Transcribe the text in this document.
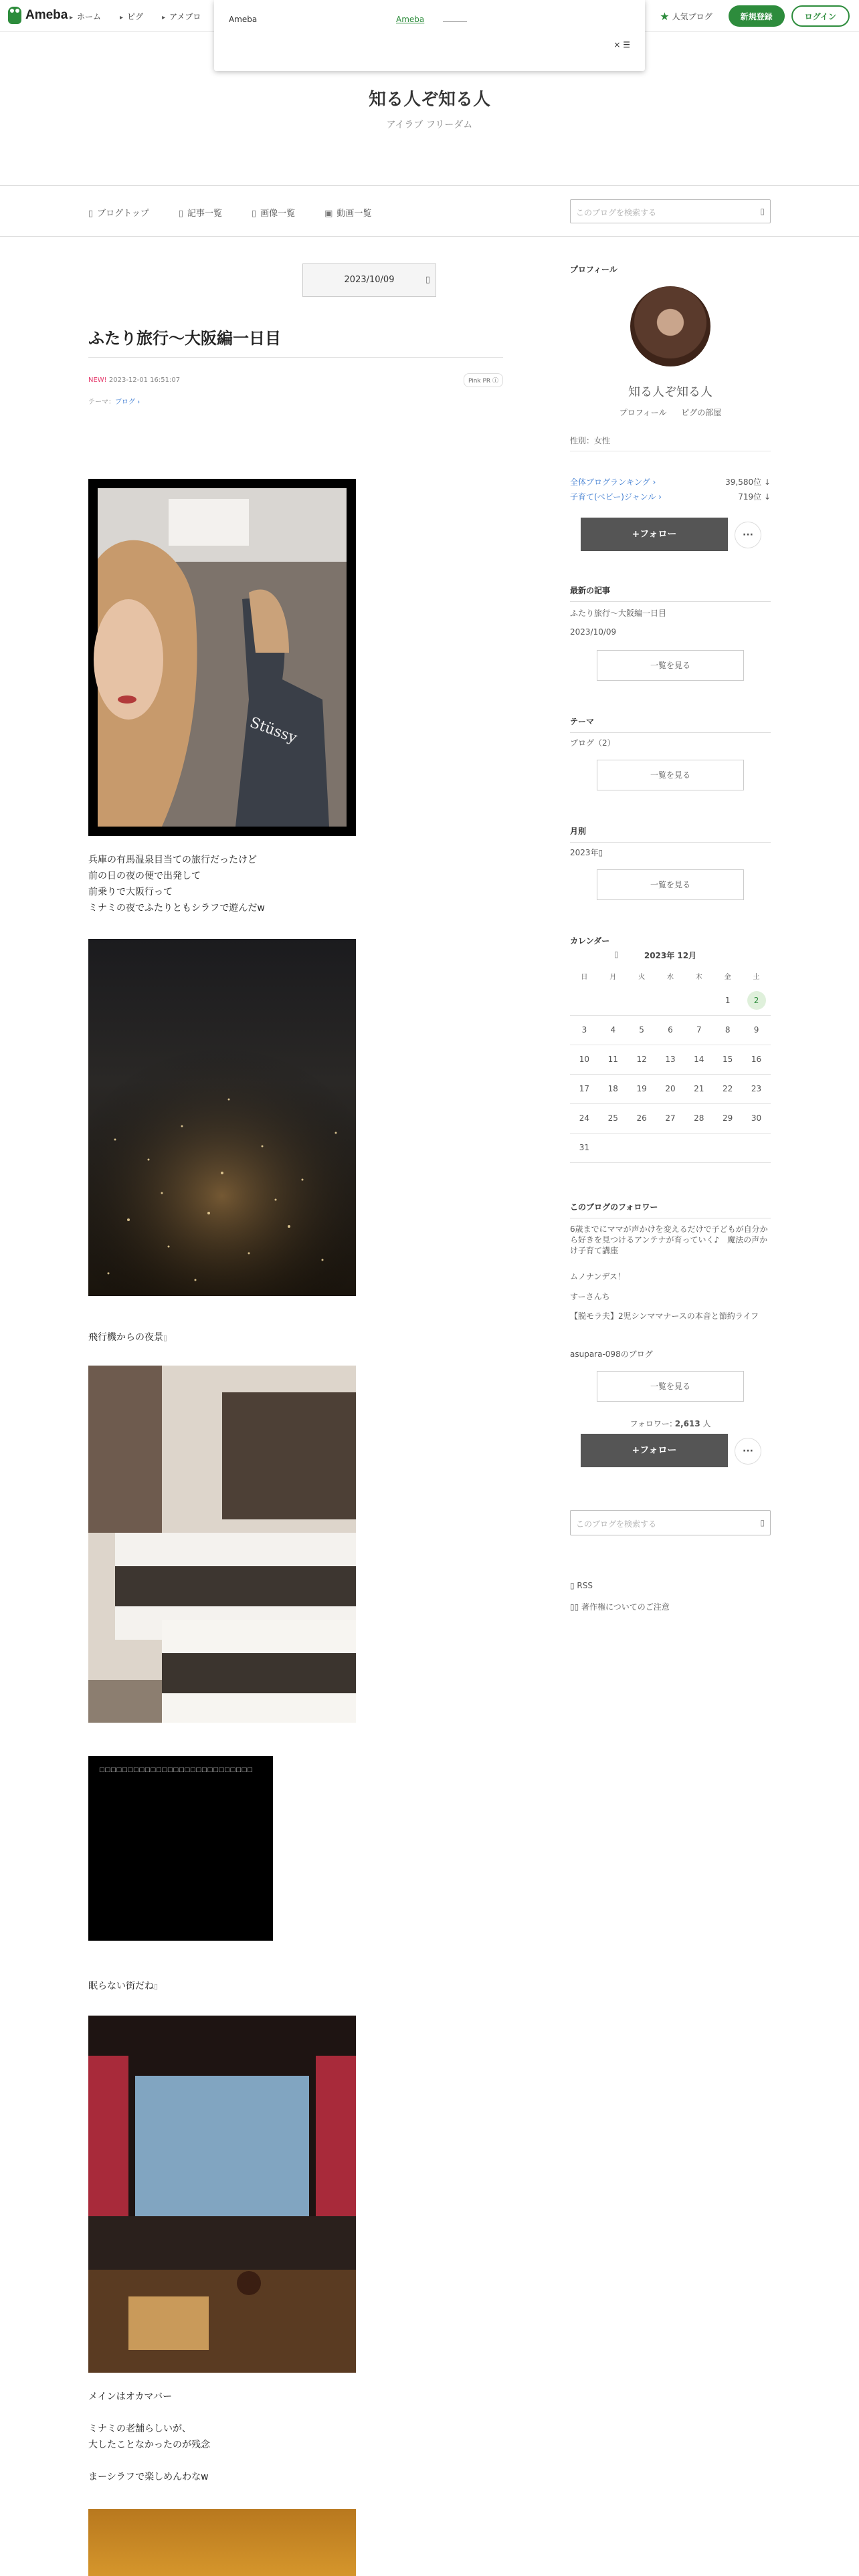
Ameba	▸ ホーム	▸ ピグ	▸ アメブロ	★ 人気ブログ	新規登録	ログイン
Ameba	Ameba
× ☰
知る人ぞ知る人

アイラブ フリーダム

▯ ブログトップ	▯ 記事一覧	▯ 画像一覧	▣ 動画一覧	このブログを検索する	▯
2023/10/09	▯
ふたり旅行〜大阪編一日目
NEW! 2023-12-01 16:51:07	Pink PR ⓘ
テーマ：ブログ ›
Stüssy
兵庫の有馬温泉目当ての旅行だったけど
前の日の夜の便で出発して
前乗りで大阪行って
ミナミの夜でふたりともシラフで遊んだw

飛行機からの夜景▯

□□□□□□□□□□□□□□□□□□□□□□□□□□□

眠らない街だね▯

メインはオカマバー

ミナミの老舗らしいが、
大したことなかったのが残念

まーシラフで楽しめんわなw
プロフィール
知る人ぞ知る人
プロフィール ピグの部屋
性別：女性
全体ブログランキング ›	39,580位 ↓
子育て(ベビー)ジャンル ›	719位 ↓
+フォロー	···
最新の記事
ふたり旅行〜大阪編一日目
2023/10/09
一覧を見る
テーマ
ブログ（2）
一覧を見る
月別
2023年▯
一覧を見る
カレンダー
▯	2023年 12月
日	月	火	水	木	金	土
					1	2
3	4	5	6	7	8	9
10	11	12	13	14	15	16
17	18	19	20	21	22	23
24	25	26	27	28	29	30
31						
このブログのフォロワー
6歳までにママが声かけを変えるだけで子どもが自分から好きを見つけるアンテナが育っていく♪　魔法の声かけ子育て講座
ムノナンデス！
すーさんち
【脱モラ夫】2児シンママナースの本音と節約ライフ
asupara-098のブログ
一覧を見る
フォロワー: 2,613 人
+フォロー	···
このブログを検索する	▯
▯ RSS
▯▯ 著作権についてのご注意
